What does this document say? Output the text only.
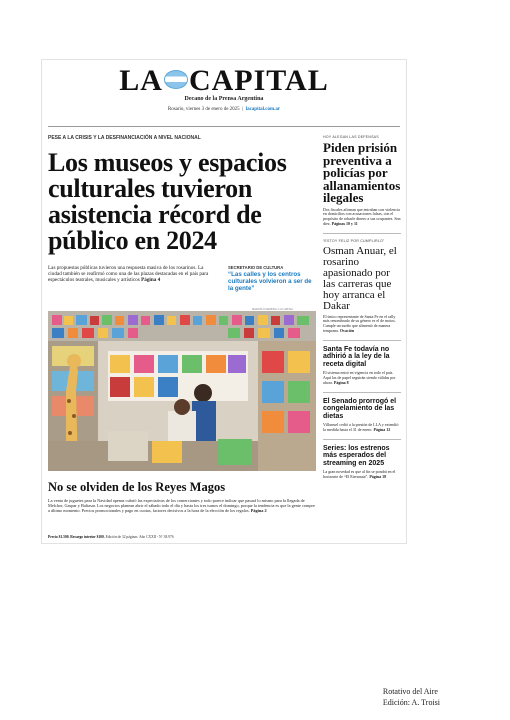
LA CAPITAL
Decano de la Prensa Argentina
Rosario, viernes 3 de enero de 2025  |  lacapital.com.ar
PESE A LA CRISIS Y LA DESFINANCIACIÓN A NIVEL NACIONAL
Los museos y espacios culturales tuvieron asistencia récord de público en 2024
Las propuestas públicas tuvieron una respuesta masiva de los rosarinos. La ciudad también se reafirmó como una de las plazas destacadas en el país para espectáculos teatrales, musicales y artísticos Página 4
SECRETARIO DE CULTURA
“Las calles y los centros culturales volvieron a ser de la gente”
MARCELO MANERA / LA CAPITAL
No se olviden de los Reyes Magos
La venta de juguetes para la Navidad apenas cubrió las expectativas de los comerciantes y todo parece indicar que pasará lo mismo para la llegada de Melchor, Gaspar y Baltasar. Los negocios planean abrir el sábado todo el día y hasta los tres turnos el domingo, porque la tendencia es que la gente compre a último momento. Precios promocionales y pago en cuotas, factores decisivos a la hora de la elección de los regalos. Página 2
Precio $1.500. Recargo interior $100. Edición de 32 páginas. Año CXXII - Nº 38.976
HOY ALEGAN LAS DEFENSAS
Piden prisión preventiva a policías por allanamientos ilegales
Dos fiscales afirman que entraban con violencia en domicilios con acusaciones falsas, con el propósito de robarle dinero a sus ocupantes. Son diez. Páginas 10 y 11
“ESTOY FELIZ POR CUMPLIRLO”
Osman Anuar, el rosarino apasionado por las carreras que hoy arranca el Dakar
El único representante de Santa Fe en el rally más renombrado de su género es el de motos. Cumple un sueño que alimentó de manera temprana. Ovación
Santa Fe todavía no adhirió a la ley de la receta digital
El sistema entró en vigencia en todo el país. Aquí las de papel seguirán siendo válidas por ahora. Página 8
El Senado prorrogó el congelamiento de las dietas
Villarruel cedió a la presión de LLA y extendió la medida hasta el 31 de enero. Página 12
Series: los estrenos más esperados del streaming en 2025
La gran novedad es que al fin se pondrá en el horizonte de “El Eternauta”. Página 18
Rotativo del Aire
Edición: A. Troisi
